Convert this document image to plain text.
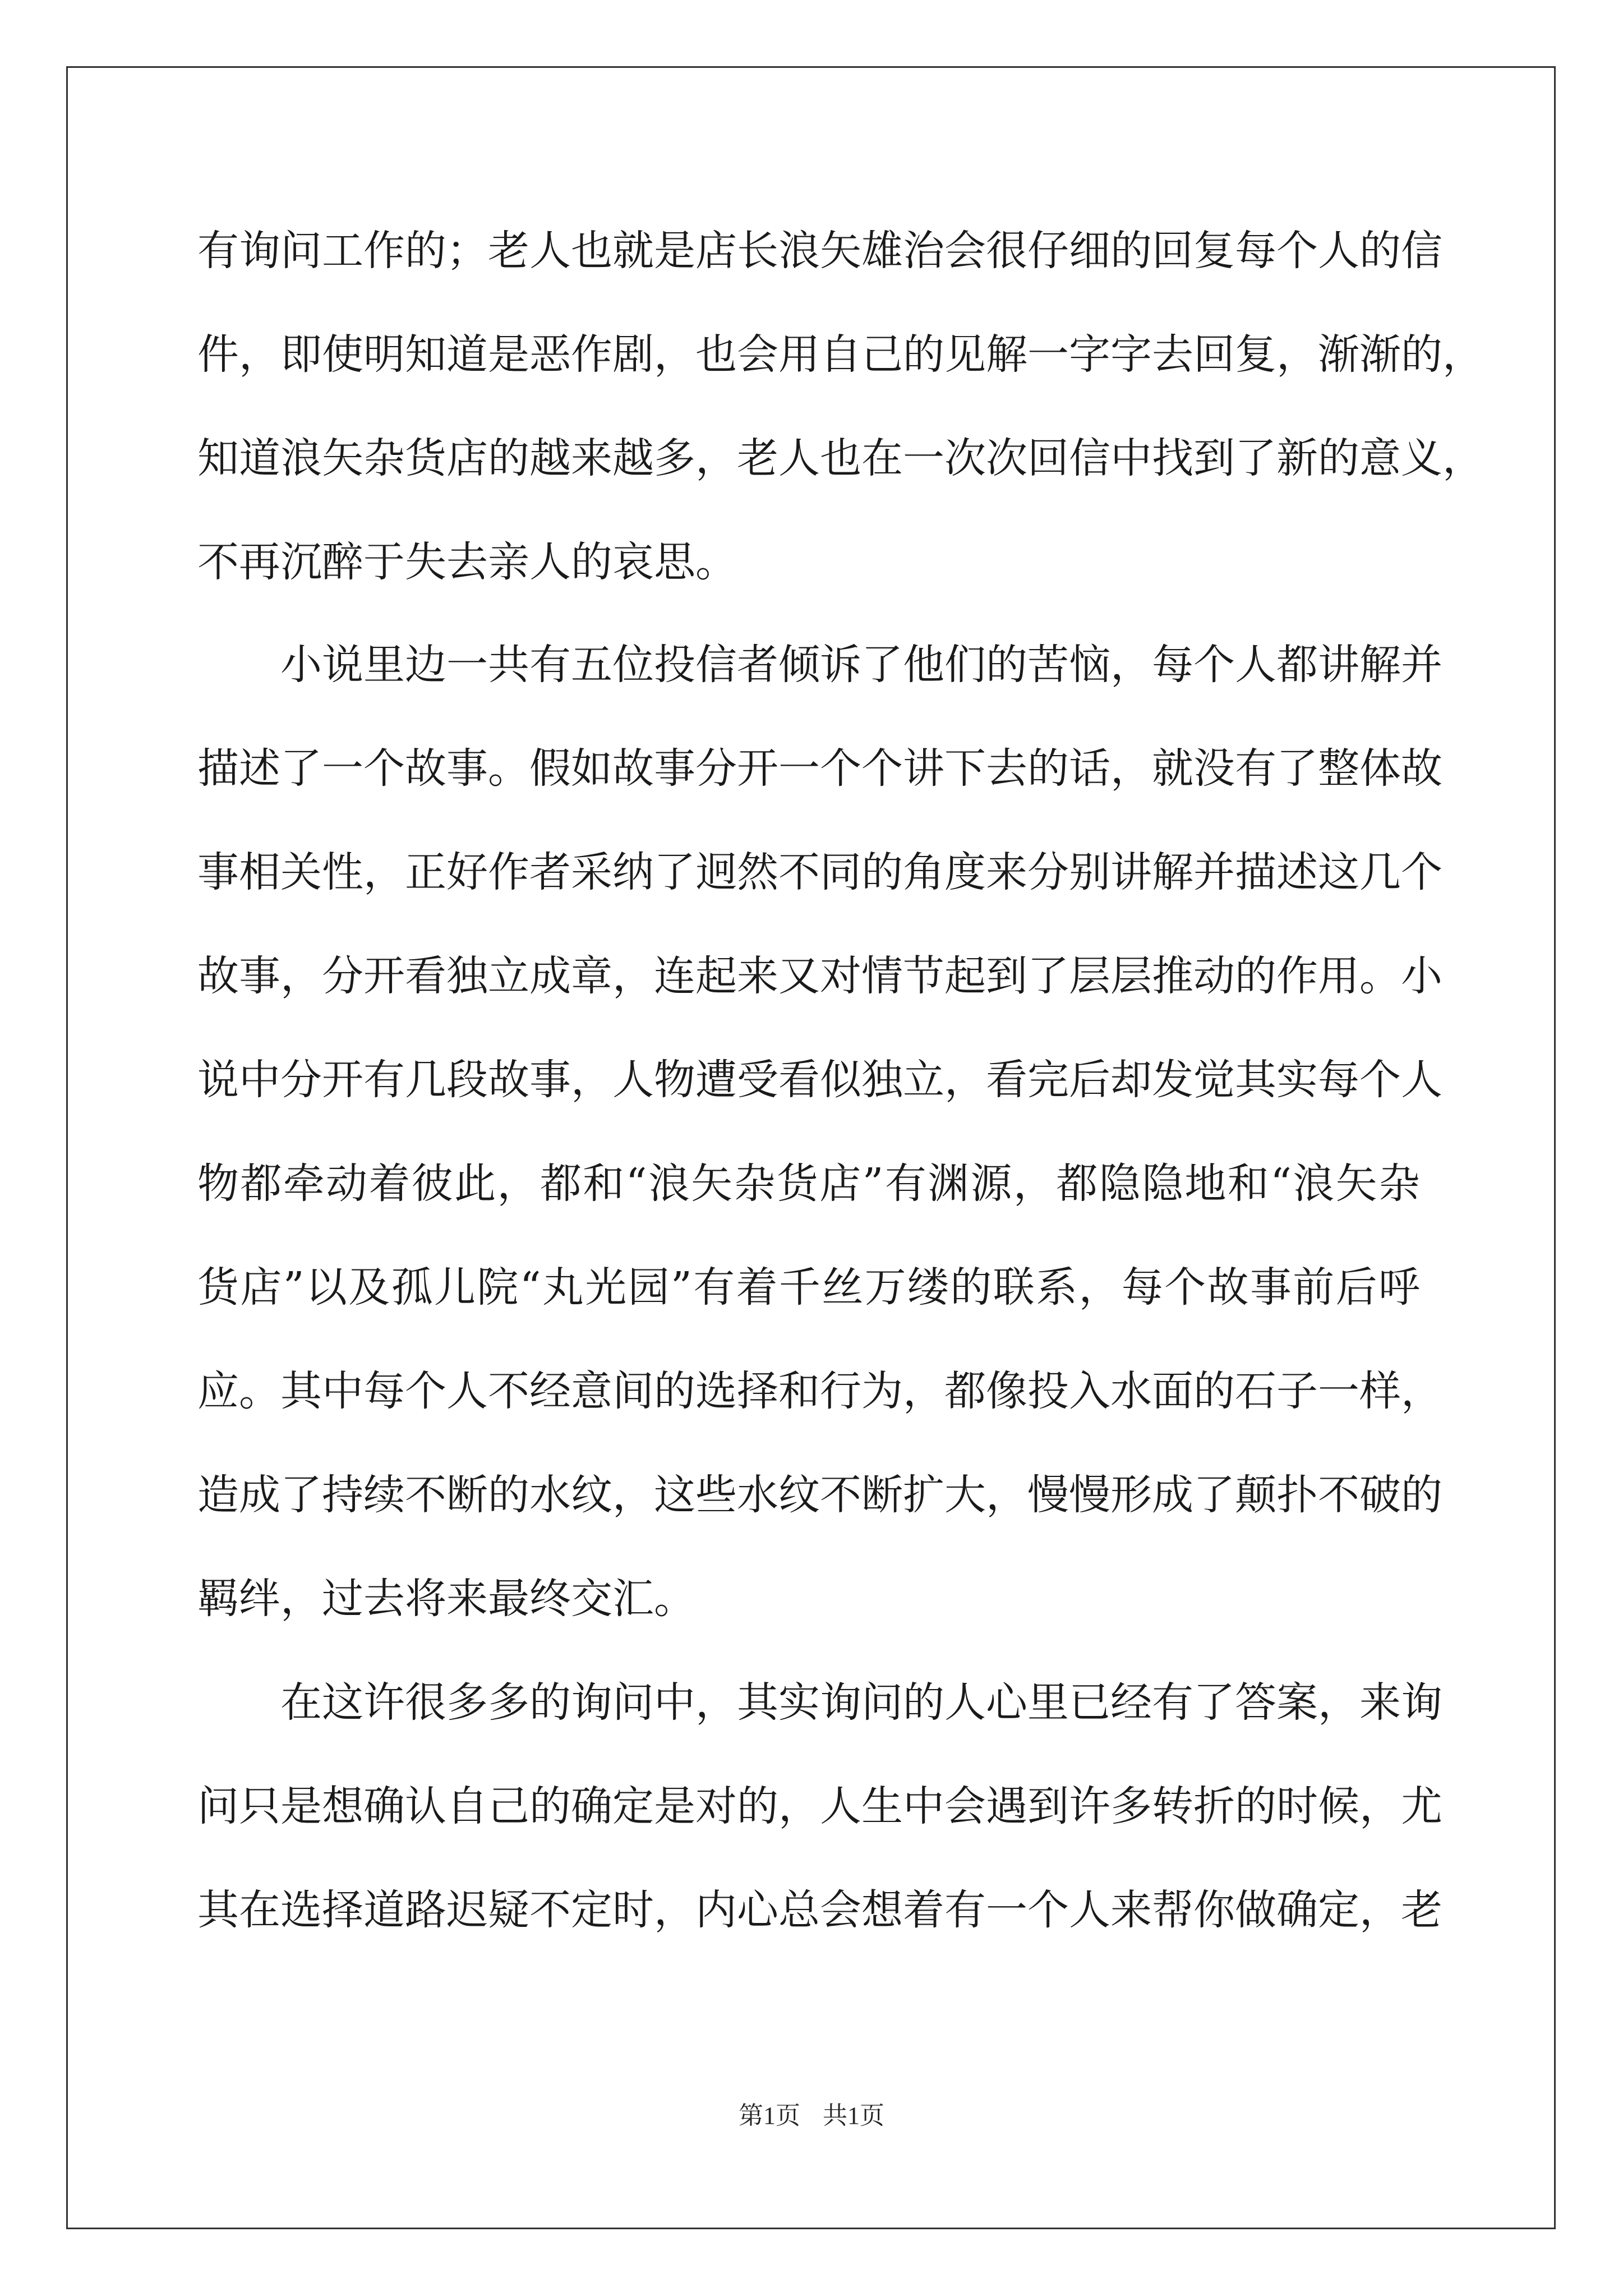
有询问工作的；老人也就是店长浪矢雄治会很仔细的回复每个人的信
件，即使明知道是恶作剧，也会用自己的见解一字字去回复，渐渐的，
知道浪矢杂货店的越来越多，老人也在一次次回信中找到了新的意义，
不再沉醉于失去亲人的哀思。
　　小说里边一共有五位投信者倾诉了他们的苦恼，每个人都讲解并
描述了一个故事。假如故事分开一个个讲下去的话，就没有了整体故
事相关性，正好作者采纳了迥然不同的角度来分别讲解并描述这几个
故事，分开看独立成章，连起来又对情节起到了层层推动的作用。小
说中分开有几段故事，人物遭受看似独立，看完后却发觉其实每个人
物都牵动着彼此，都和“浪矢杂货店”有渊源，都隐隐地和“浪矢杂
货店”以及孤儿院“丸光园”有着千丝万缕的联系，每个故事前后呼
应。其中每个人不经意间的选择和行为，都像投入水面的石子一样，
造成了持续不断的水纹，这些水纹不断扩大，慢慢形成了颠扑不破的
羁绊，过去将来最终交汇。
　　在这许很多多的询问中，其实询问的人心里已经有了答案，来询
问只是想确认自己的确定是对的，人生中会遇到许多转折的时候，尤
其在选择道路迟疑不定时，内心总会想着有一个人来帮你做确定，老
第1页 共1页
